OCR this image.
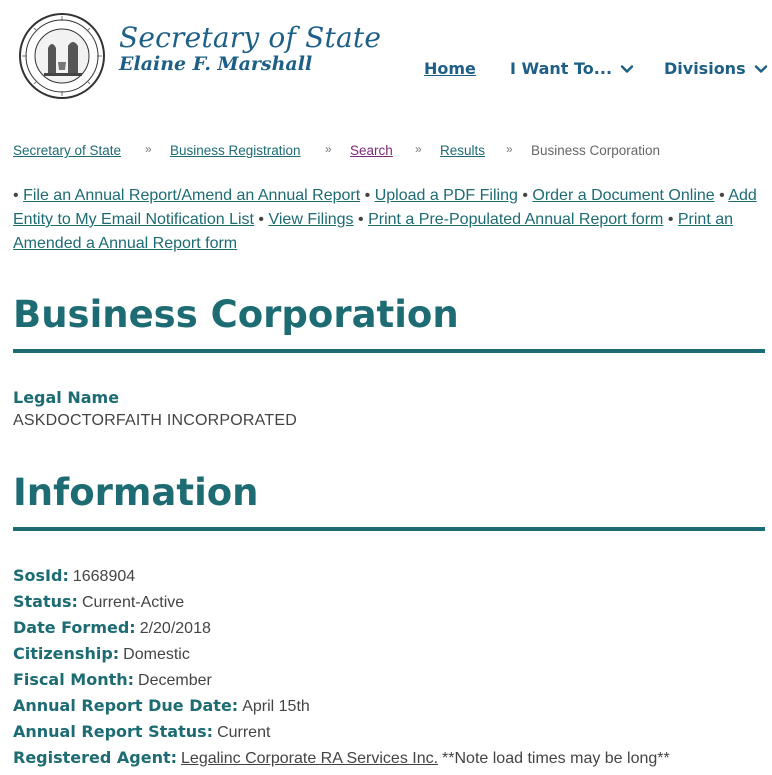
Secretary of State
Elaine F. Marshall	Home I Want To...	Divisions
Secretary of State » Business Registration » Search » Results » Business Corporation
• File an Annual Report/Amend an Annual Report • Upload a PDF Filing • Order a Document Online • Add Entity to My Email Notification List • View Filings • Print a Pre-Populated Annual Report form • Print an Amended a Annual Report form
Business Corporation
Legal Name
ASKDOCTORFAITH INCORPORATED
Information
SosId: 1668904
Status: Current-Active
Date Formed: 2/20/2018
Citizenship: Domestic
Fiscal Month: December
Annual Report Due Date: April 15th
Annual Report Status: Current
Registered Agent: Legalinc Corporate RA Services Inc. **Note load times may be long**
